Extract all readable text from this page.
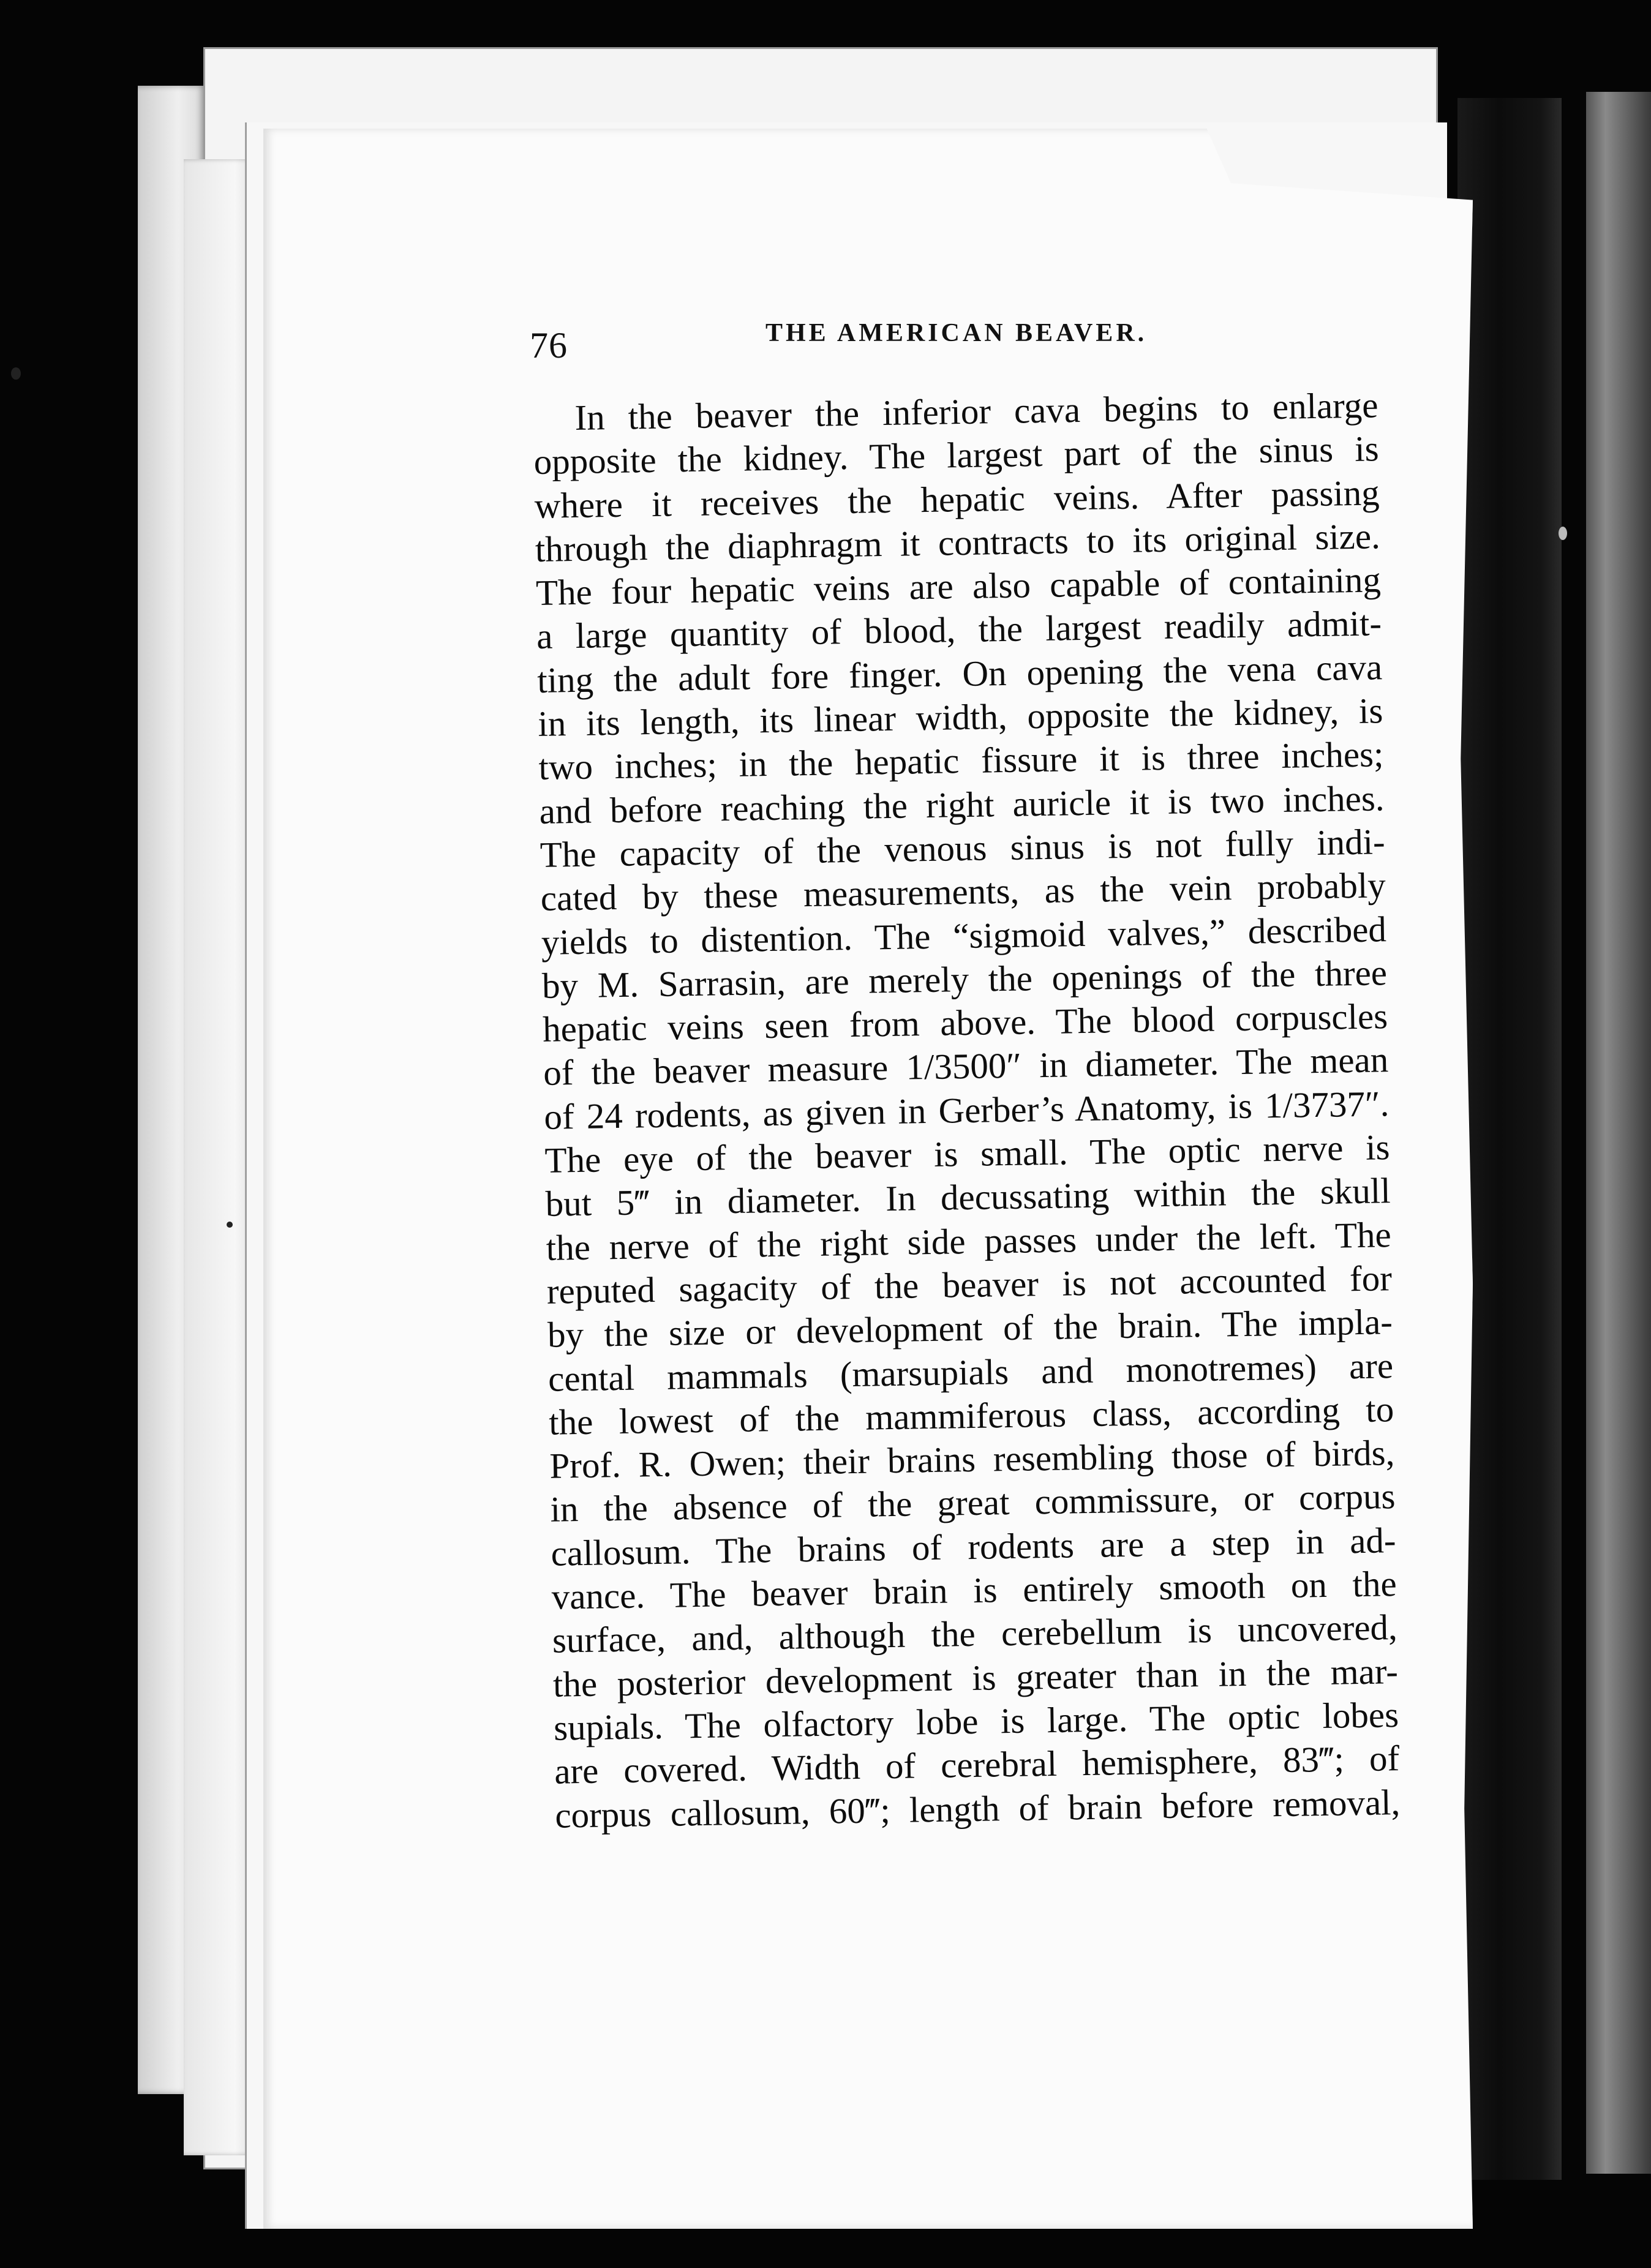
76	THE AMERICAN BEAVER.
In the beaver the inferior cava begins to enlarge
opposite the kidney. The largest part of the sinus is
where it receives the hepatic veins. After passing
through the diaphragm it contracts to its original size.
The four hepatic veins are also capable of containing
a large quantity of blood, the largest readily admit-
ting the adult fore finger. On opening the vena cava
in its length, its linear width, opposite the kidney, is
two inches; in the hepatic fissure it is three inches;
and before reaching the right auricle it is two inches.
The capacity of the venous sinus is not fully indi-
cated by these measurements, as the vein probably
yields to distention. The “sigmoid valves,” described
by M. Sarrasin, are merely the openings of the three
hepatic veins seen from above. The blood corpuscles
of the beaver measure 1/3500″ in diameter. The mean
of 24 rodents, as given in Gerber’s Anatomy, is 1/3737″.
The eye of the beaver is small. The optic nerve is
but 5‴ in diameter. In decussating within the skull
the nerve of the right side passes under the left. The
reputed sagacity of the beaver is not accounted for
by the size or development of the brain. The impla-
cental mammals (marsupials and monotremes) are
the lowest of the mammiferous class, according to
Prof. R. Owen; their brains resembling those of birds,
in the absence of the great commissure, or corpus
callosum. The brains of rodents are a step in ad-
vance. The beaver brain is entirely smooth on the
surface, and, although the cerebellum is uncovered,
the posterior development is greater than in the mar-
supials. The olfactory lobe is large. The optic lobes
are covered. Width of cerebral hemisphere, 83‴; of
corpus callosum, 60‴; length of brain before removal,
